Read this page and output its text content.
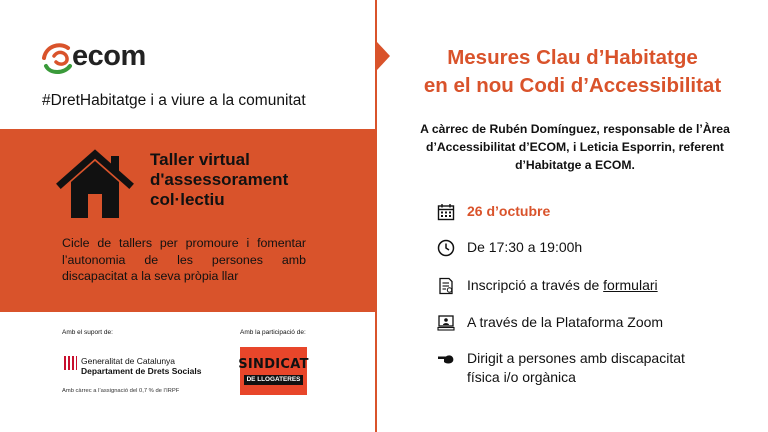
ecom
#DretHabitatge i a viure a la comunitat
Taller virtual
d'assessorament
col·lectiu
Cicle de tallers per promoure i fomentar l’autonomia de les persones amb discapacitat a la seva pròpia llar
Amb el suport de:	Amb la participació de:
Generalitat de Catalunya
Departament de Drets Socials
Amb càrrec a l’assignació del 0,7 % de l’IRPF
SINDICAT
DE LLOGATERES
Mesures Clau d’Habitatge
en el nou Codi d’Accessibilitat
A càrrec de Rubén Domínguez, responsable de l’Àrea d’Accessibilitat d’ECOM, i Leticia Esporrin, referent d’Habitatge a ECOM.
26 d’octubre
De 17:30 a 19:00h
Inscripció a través de formulari
A través de la Plataforma Zoom
Dirigit a persones amb discapacitat
física i/o orgànica
